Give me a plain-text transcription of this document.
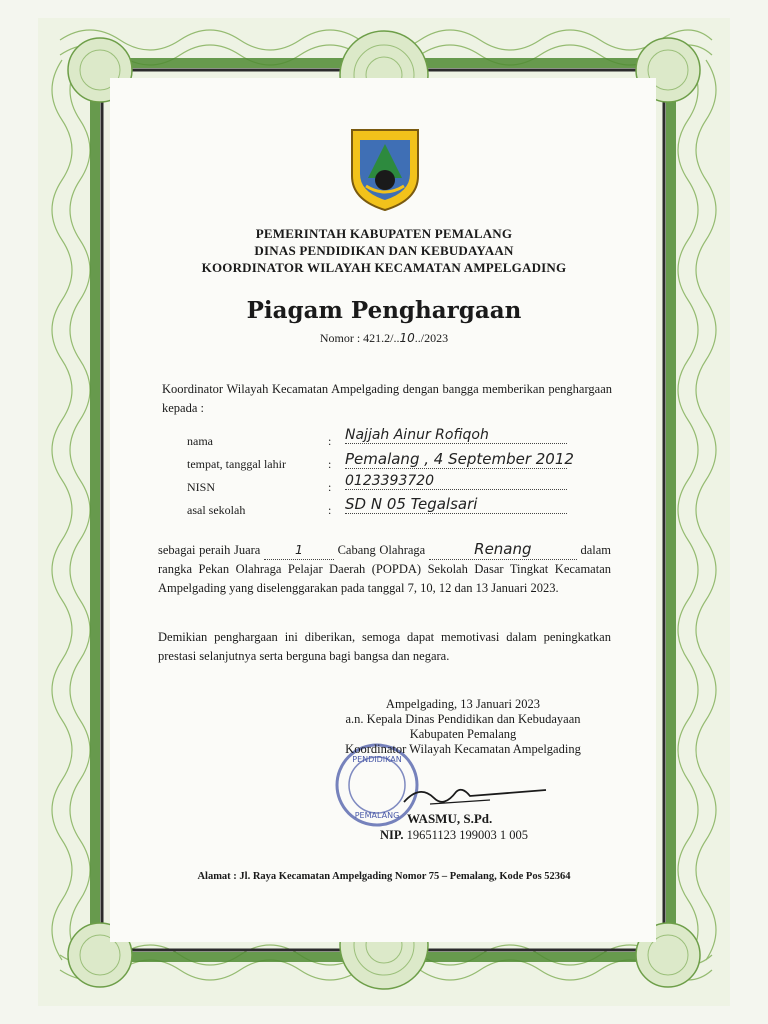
PEMERINTAH KABUPATEN PEMALANG
DINAS PENDIDIKAN DAN KEBUDAYAAN
KOORDINATOR WILAYAH KECAMATAN AMPELGADING
Piagam Penghargaan
Nomor : 421.2/..10../2023
Koordinator Wilayah Kecamatan Ampelgading dengan bangga memberikan penghargaan kepada :
nama	: Najjah Ainur Rofiqoh
tempat, tanggal lahir	: Pemalang , 4 September 2012
NISN	: 0123393720
asal sekolah	: SD N 05 Tegalsari
sebagai peraih Juara	1	Cabang Olahraga	Renang	dalam rangka Pekan Olahraga Pelajar Daerah (POPDA) Sekolah Dasar Tingkat Kecamatan Ampelgading yang diselenggarakan pada tanggal 7, 10, 12 dan 13 Januari 2023.
Demikian penghargaan ini diberikan, semoga dapat memotivasi dalam peningkatkan prestasi selanjutnya serta berguna bagi bangsa dan negara.
PENDIDIKAN
PEMALANG
Ampelgading, 13 Januari 2023
a.n. Kepala Dinas Pendidikan dan Kebudayaan
Kabupaten Pemalang
Koordinator Wilayah Kecamatan Ampelgading
WASMU, S.Pd.
NIP. 19651123 199003 1 005
Alamat : Jl. Raya Kecamatan Ampelgading Nomor 75 – Pemalang, Kode Pos 52364
